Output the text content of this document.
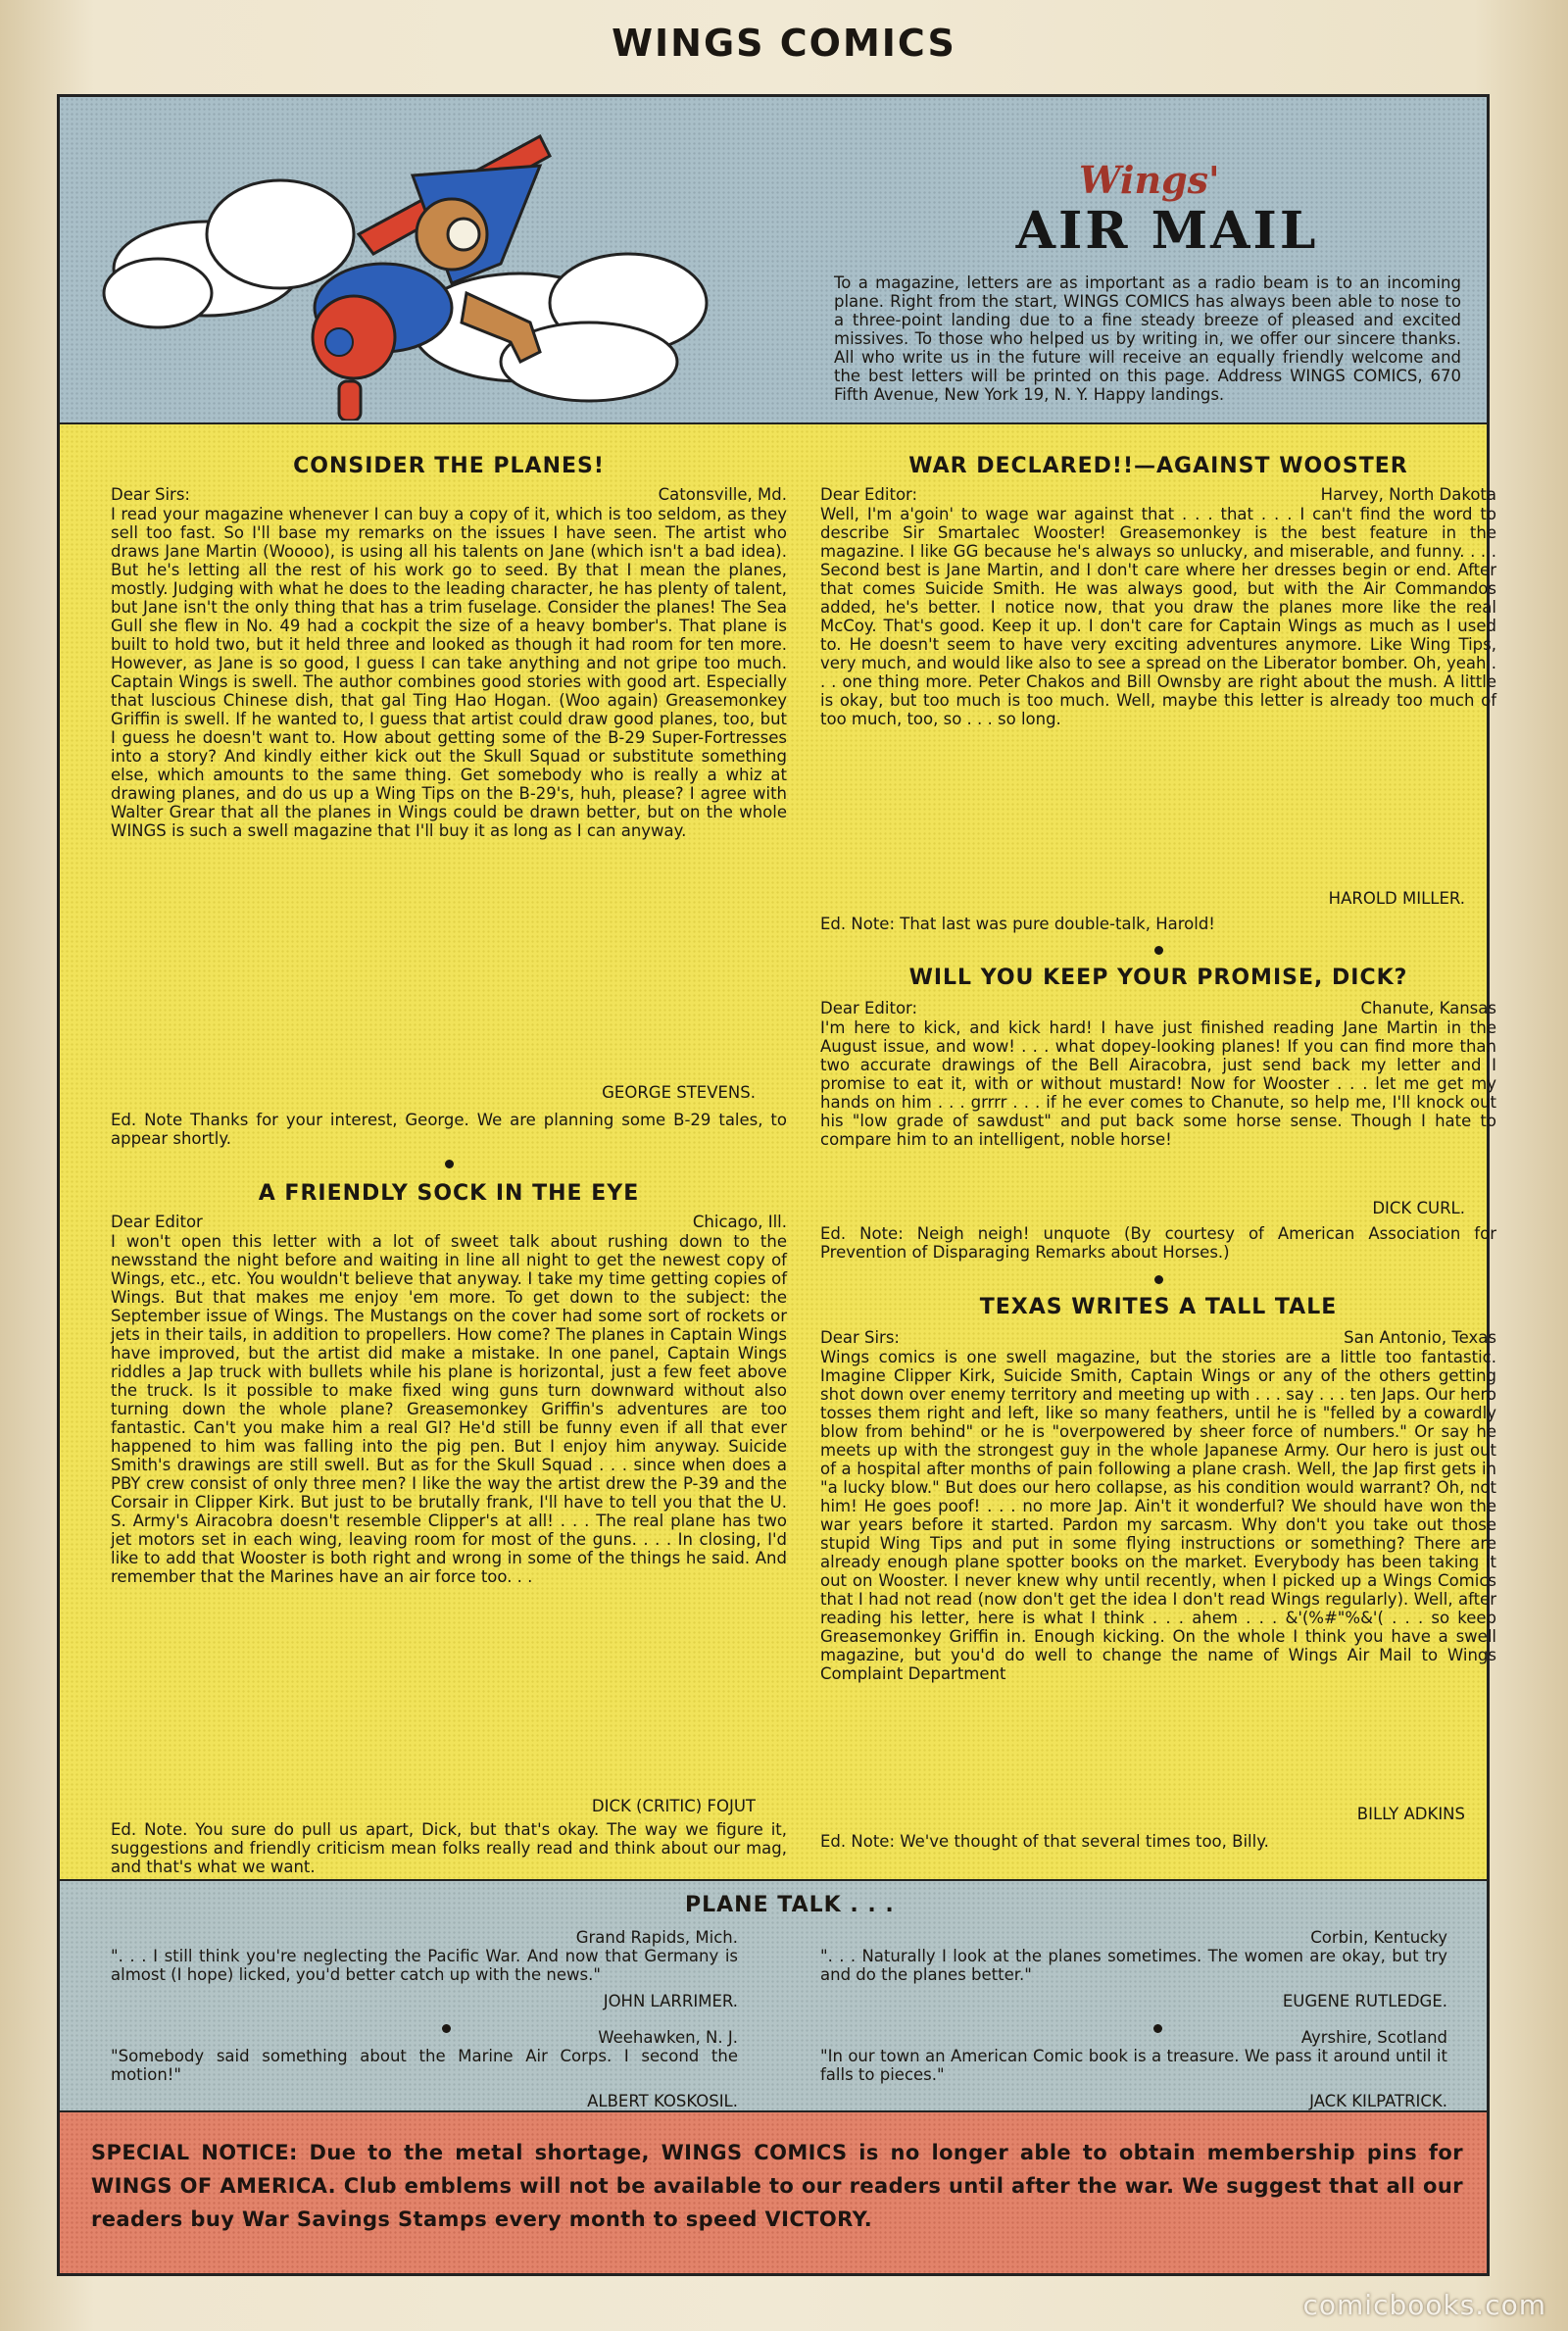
WINGS COMICS
Wings'
AIR MAIL
To a magazine, letters are as important as a radio beam is to an incoming plane. Right from the start, WINGS COMICS has always been able to nose to a three-point landing due to a fine steady breeze of pleased and excited missives. To those who helped us by writing in, we offer our sincere thanks. All who write us in the future will receive an equally friendly welcome and the best letters will be printed on this page. Address WINGS COMICS, 670 Fifth Avenue, New York 19, N. Y. Happy landings.
CONSIDER THE PLANES!
Dear Sirs:	Catonsville, Md.

I read your magazine whenever I can buy a copy of it, which is too seldom, as they sell too fast. So I'll base my remarks on the issues I have seen. The artist who draws Jane Martin (Woooo), is using all his talents on Jane (which isn't a bad idea). But he's letting all the rest of his work go to seed. By that I mean the planes, mostly. Judging with what he does to the leading character, he has plenty of talent, but Jane isn't the only thing that has a trim fuselage. Consider the planes! The Sea Gull she flew in No. 49 had a cockpit the size of a heavy bomber's. That plane is built to hold two, but it held three and looked as though it had room for ten more. However, as Jane is so good, I guess I can take anything and not gripe too much. Captain Wings is swell. The author combines good stories with good art. Especially that luscious Chinese dish, that gal Ting Hao Hogan. (Woo again) Greasemonkey Griffin is swell. If he wanted to, I guess that artist could draw good planes, too, but I guess he doesn't want to. How about getting some of the B-29 Super-Fortresses into a story? And kindly either kick out the Skull Squad or substitute something else, which amounts to the same thing. Get somebody who is really a whiz at drawing planes, and do us up a Wing Tips on the B-29's, huh, please? I agree with Walter Grear that all the planes in Wings could be drawn better, but on the whole WINGS is such a swell magazine that I'll buy it as long as I can anyway.

GEORGE STEVENS.

Ed. Note Thanks for your interest, George. We are planning some B-29 tales, to appear shortly.

A FRIENDLY SOCK IN THE EYE
Dear Editor	Chicago, Ill.

I won't open this letter with a lot of sweet talk about rushing down to the newsstand the night before and waiting in line all night to get the newest copy of Wings, etc., etc. You wouldn't believe that anyway. I take my time getting copies of Wings. But that makes me enjoy 'em more. To get down to the subject: the September issue of Wings. The Mustangs on the cover had some sort of rockets or jets in their tails, in addition to propellers. How come? The planes in Captain Wings have improved, but the artist did make a mistake. In one panel, Captain Wings riddles a Jap truck with bullets while his plane is horizontal, just a few feet above the truck. Is it possible to make fixed wing guns turn downward without also turning down the whole plane? Greasemonkey Griffin's adventures are too fantastic. Can't you make him a real GI? He'd still be funny even if all that ever happened to him was falling into the pig pen. But I enjoy him anyway. Suicide Smith's drawings are still swell. But as for the Skull Squad . . . since when does a PBY crew consist of only three men? I like the way the artist drew the P-39 and the Corsair in Clipper Kirk. But just to be brutally frank, I'll have to tell you that the U. S. Army's Airacobra doesn't resemble Clipper's at all! . . . The real plane has two jet motors set in each wing, leaving room for most of the guns. . . . In closing, I'd like to add that Wooster is both right and wrong in some of the things he said. And remember that the Marines have an air force too. . .

DICK (CRITIC) FOJUT

Ed. Note. You sure do pull us apart, Dick, but that's okay. The way we figure it, suggestions and friendly criticism mean folks really read and think about our mag, and that's what we want.

WAR DECLARED!!—AGAINST WOOSTER
Dear Editor:	Harvey, North Dakota

Well, I'm a'goin' to wage war against that . . . that . . . I can't find the word to describe Sir Smartalec Wooster! Greasemonkey is the best feature in the magazine. I like GG because he's always so unlucky, and miserable, and funny. . . . Second best is Jane Martin, and I don't care where her dresses begin or end. After that comes Suicide Smith. He was always good, but with the Air Commandos added, he's better. I notice now, that you draw the planes more like the real McCoy. That's good. Keep it up. I don't care for Captain Wings as much as I used to. He doesn't seem to have very exciting adventures anymore. Like Wing Tips, very much, and would like also to see a spread on the Liberator bomber. Oh, yeah . . . one thing more. Peter Chakos and Bill Ownsby are right about the mush. A little is okay, but too much is too much. Well, maybe this letter is already too much of too much, too, so . . . so long.

HAROLD MILLER.

Ed. Note: That last was pure double-talk, Harold!

WILL YOU KEEP YOUR PROMISE, DICK?
Dear Editor:	Chanute, Kansas

I'm here to kick, and kick hard! I have just finished reading Jane Martin in the August issue, and wow! . . . what dopey-looking planes! If you can find more than two accurate drawings of the Bell Airacobra, just send back my letter and I promise to eat it, with or without mustard! Now for Wooster . . . let me get my hands on him . . . grrrr . . . if he ever comes to Chanute, so help me, I'll knock out his "low grade of sawdust" and put back some horse sense. Though I hate to compare him to an intelligent, noble horse!

DICK CURL.

Ed. Note: Neigh neigh! unquote (By courtesy of American Association for Prevention of Disparaging Remarks about Horses.)

TEXAS WRITES A TALL TALE
Dear Sirs:	San Antonio, Texas

Wings comics is one swell magazine, but the stories are a little too fantastic. Imagine Clipper Kirk, Suicide Smith, Captain Wings or any of the others getting shot down over enemy territory and meeting up with . . . say . . . ten Japs. Our hero tosses them right and left, like so many feathers, until he is "felled by a cowardly blow from behind" or he is "overpowered by sheer force of numbers." Or say he meets up with the strongest guy in the whole Japanese Army. Our hero is just out of a hospital after months of pain following a plane crash. Well, the Jap first gets in "a lucky blow." But does our hero collapse, as his condition would warrant? Oh, not him! He goes poof! . . . no more Jap. Ain't it wonderful? We should have won the war years before it started. Pardon my sarcasm. Why don't you take out those stupid Wing Tips and put in some flying instructions or something? There are already enough plane spotter books on the market. Everybody has been taking it out on Wooster. I never knew why until recently, when I picked up a Wings Comics that I had not read (now don't get the idea I don't read Wings regularly). Well, after reading his letter, here is what I think . . . ahem . . . &'(%#"%&'( . . . so keep Greasemonkey Griffin in. Enough kicking. On the whole I think you have a swell magazine, but you'd do well to change the name of Wings Air Mail to Wings Complaint Department

BILLY ADKINS

Ed. Note: We've thought of that several times too, Billy.

PLANE TALK . . .
Grand Rapids, Mich.
". . . I still think you're neglecting the Pacific War. And now that Germany is almost (I hope) licked, you'd better catch up with the news."
JOHN LARRIMER.
Corbin, Kentucky
". . . Naturally I look at the planes sometimes. The women are okay, but try and do the planes better."
EUGENE RUTLEDGE.
Weehawken, N. J.
"Somebody said something about the Marine Air Corps. I second the motion!"
ALBERT KOSKOSIL.
Ayrshire, Scotland
"In our town an American Comic book is a treasure. We pass it around until it falls to pieces."
JACK KILPATRICK.

SPECIAL NOTICE: Due to the metal shortage, WINGS COMICS is no longer able to obtain membership pins for WINGS OF AMERICA. Club emblems will not be available to our readers until after the war. We suggest that all our readers buy War Savings Stamps every month to speed VICTORY.

comicbooks.com
